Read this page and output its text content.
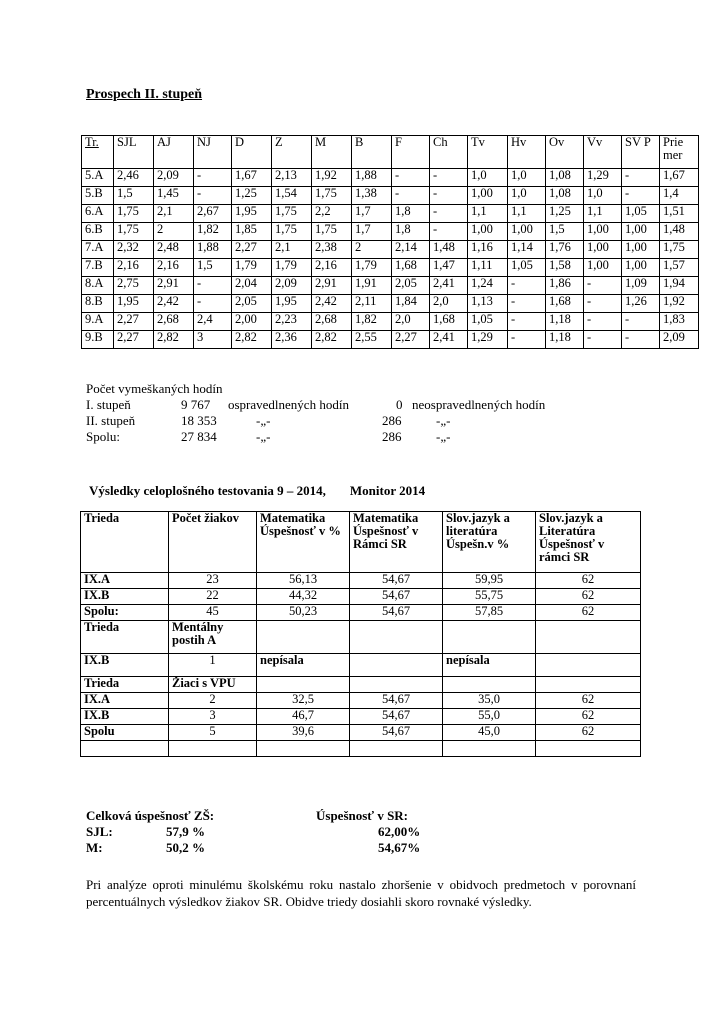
Prospech II. stupeň
Tr.	SJL	AJ	NJ	D	Z	M	B	F	Ch	Tv	Hv	Ov	Vv	SV P	Prie mer
5.A	2,46	2,09	-	1,67	2,13	1,92	1,88	-	-	1,0	1,0	1,08	1,29	-	1,67
5.B	1,5	1,45	-	1,25	1,54	1,75	1,38	-	-	1,00	1,0	1,08	1,0	-	1,4
6.A	1,75	2,1	2,67	1,95	1,75	2,2	1,7	1,8	-	1,1	1,1	1,25	1,1	1,05	1,51
6.B	1,75	2	1,82	1,85	1,75	1,75	1,7	1,8	-	1,00	1,00	1,5	1,00	1,00	1,48
7.A	2,32	2,48	1,88	2,27	2,1	2,38	2	2,14	1,48	1,16	1,14	1,76	1,00	1,00	1,75
7.B	2,16	2,16	1,5	1,79	1,79	2,16	1,79	1,68	1,47	1,11	1,05	1,58	1,00	1,00	1,57
8.A	2,75	2,91	-	2,04	2,09	2,91	1,91	2,05	2,41	1,24	-	1,86	-	1,09	1,94
8.B	1,95	2,42	-	2,05	1,95	2,42	2,11	1,84	2,0	1,13	-	1,68	-	1,26	1,92
9.A	2,27	2,68	2,4	2,00	2,23	2,68	1,82	2,0	1,68	1,05	-	1,18	-	-	1,83
9.B	2,27	2,82	3	2,82	2,36	2,82	2,55	2,27	2,41	1,29	-	1,18	-	-	2,09
Počet vymeškaných hodín
I. stupeň	9 767 ospravedlnených hodín	0 neospravedlnených hodín
II. stupeň	18 353	-„-	286	-„-
Spolu:	27 834	-„-	286	-„-
Výsledky celoplošného testovania 9 – 2014, Monitor 2014
Trieda	Počet žiakov	Matematika Úspešnosť v %	Matematika Úspešnosť v Rámci SR	Slov.jazyk a literatúra Úspešn.v %	Slov.jazyk a Literatúra Úspešnosť v rámci SR
IX.A	23	56,13	54,67	59,95	62
IX.B	22	44,32	54,67	55,75	62
Spolu:	45	50,23	54,67	57,85	62
Trieda	Mentálny postih A				
IX.B	1	nepísala		nepísala	
Trieda	Žiaci s VPU				
IX.A	2	32,5	54,67	35,0	62
IX.B	3	46,7	54,67	55,0	62
Spolu	5	39,6	54,67	45,0	62

Celková úspešnosť ZŠ:	Úspešnosť v SR:
SJL:	57,9 %	62,00%
M:	50,2 %	54,67%
Pri analýze oproti minulému školskému roku nastalo zhoršenie v obidvoch predmetoch v porovnaní percentuálnych výsledkov žiakov SR. Obidve triedy dosiahli skoro rovnaké výsledky.
